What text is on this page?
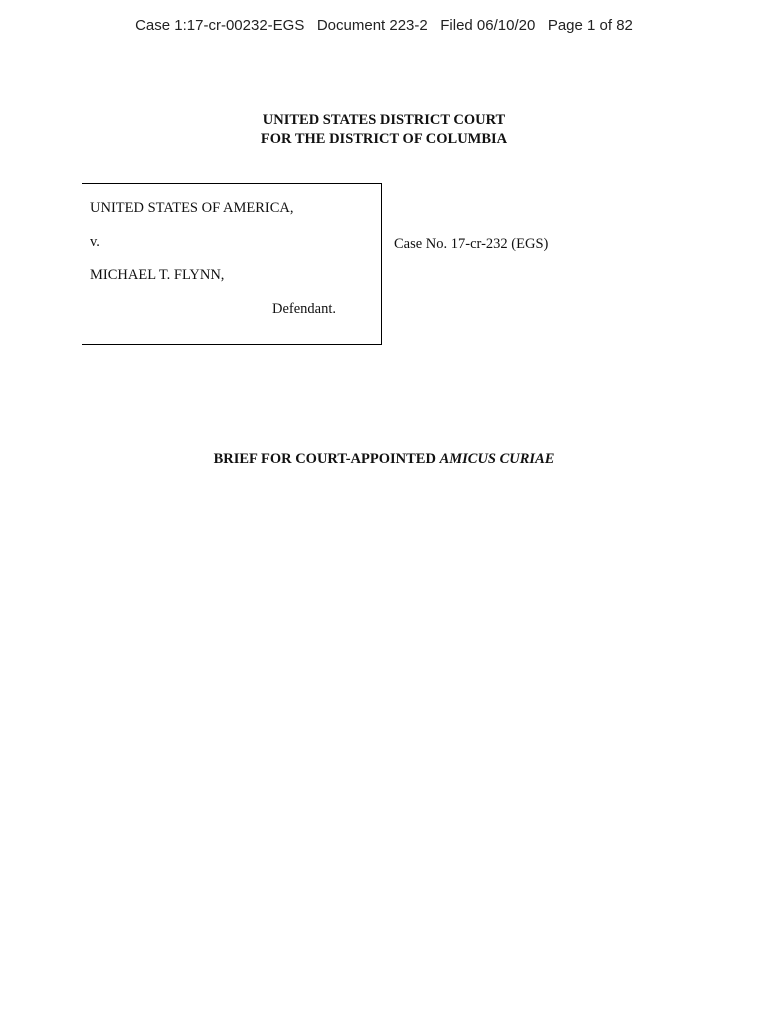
Case 1:17-cr-00232-EGS   Document 223-2   Filed 06/10/20   Page 1 of 82
UNITED STATES DISTRICT COURT
FOR THE DISTRICT OF COLUMBIA
UNITED STATES OF AMERICA,
v.
MICHAEL T. FLYNN,
Defendant.
Case No. 17-cr-232 (EGS)
BRIEF FOR COURT-APPOINTED AMICUS CURIAE
